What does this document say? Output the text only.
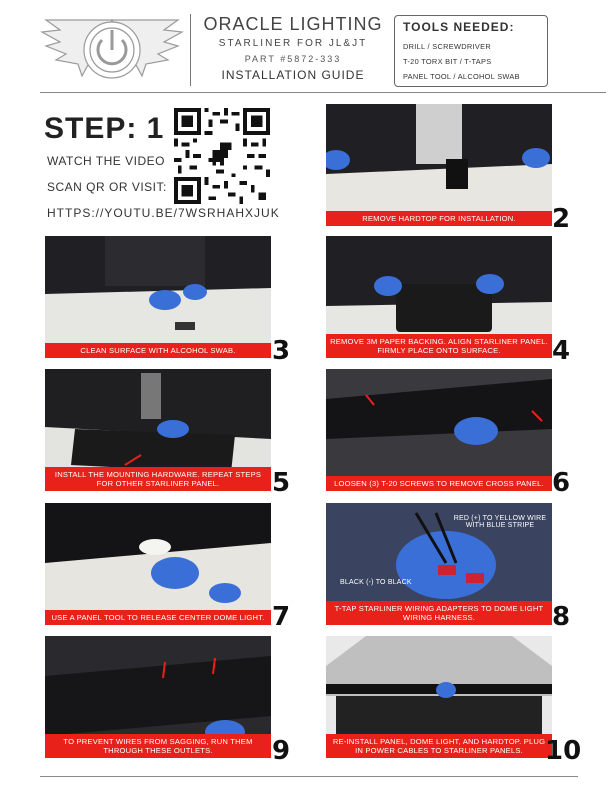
ORACLE LIGHTING
STARLINER FOR JL&JT
PART #5872-333
INSTALLATION GUIDE
TOOLS NEEDED:
DRILL / SCREWDRIVER
T-20 TORX BIT / T-TAPS
PANEL TOOL / ALCOHOL SWAB
STEP: 1
WATCH THE VIDEO
SCAN QR OR VISIT:
HTTPS://YOUTU.BE/7WSRHAHXJUK	REMOVE HARDTOP FOR INSTALLATION.	2
CLEAN SURFACE WITH ALCOHOL SWAB.	3	REMOVE 3M PAPER BACKING. ALIGN STARLINER PANEL. FIRMLY PLACE ONTO SURFACE.	4
INSTALL THE MOUNTING HARDWARE. REPEAT STEPS FOR OTHER STARLINER PANEL.	5	LOOSEN (3) T-20 SCREWS TO REMOVE CROSS PANEL. 6
USE A PANEL TOOL TO RELEASE CENTER DOME LIGHT. 7
RED (+) TO YELLOW WIRE WITH BLUE STRIPE
BLACK (-) TO BLACK
T-TAP STARLINER WIRING ADAPTERS TO DOME LIGHT WIRING HARNESS.	8
TO PREVENT WIRES FROM SAGGING, RUN THEM THROUGH THESE OUTLETS.	9	RE-INSTALL PANEL, DOME LIGHT, AND HARDTOP. PLUG IN POWER CABLES TO STARLINER PANELS. 10
